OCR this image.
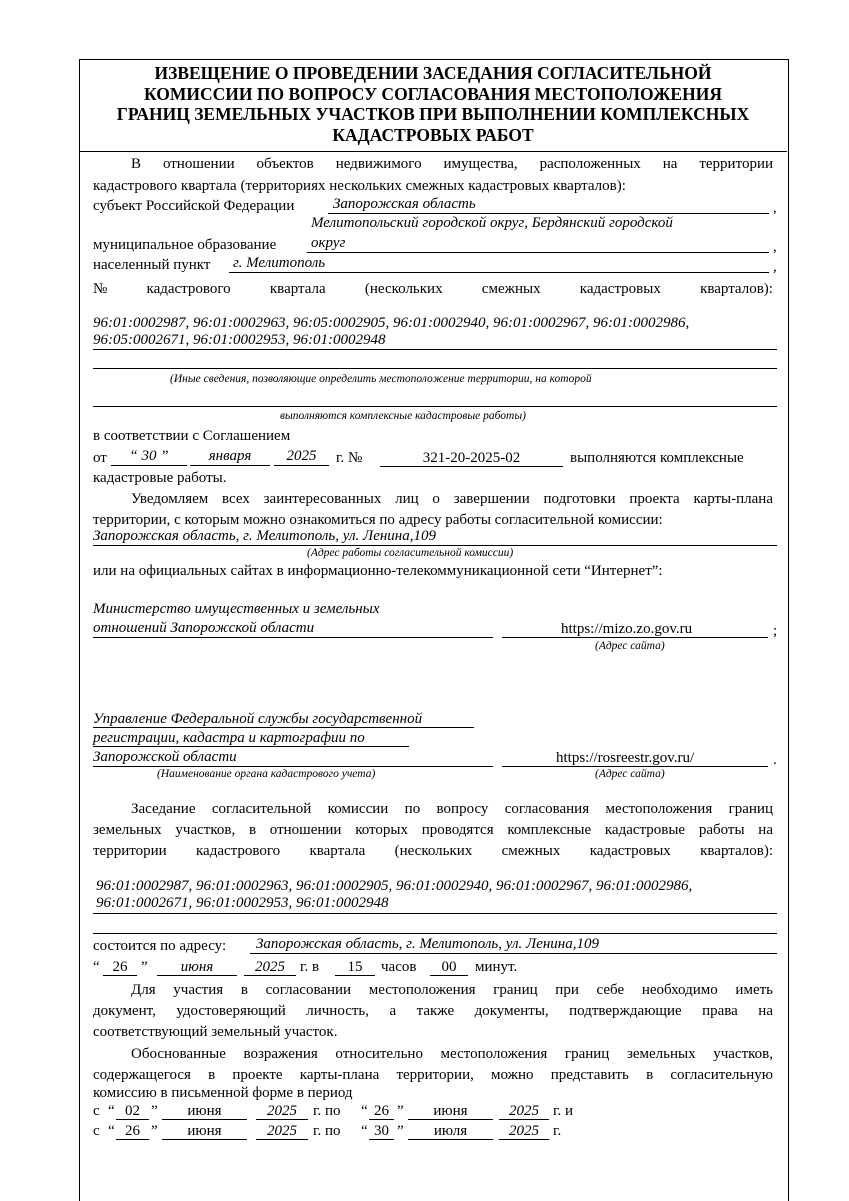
ИЗВЕЩЕНИЕ О ПРОВЕДЕНИИ ЗАСЕДАНИЯ СОГЛАСИТЕЛЬНОЙ
КОМИССИИ ПО ВОПРОСУ СОГЛАСОВАНИЯ МЕСТОПОЛОЖЕНИЯ
ГРАНИЦ ЗЕМЕЛЬНЫХ УЧАСТКОВ ПРИ ВЫПОЛНЕНИИ КОМПЛЕКСНЫХ
КАДАСТРОВЫХ РАБОТ
В отношении объектов недвижимого имущества, расположенных на территории
кадастрового квартала (территориях нескольких смежных кадастровых кварталов):
субъект Российской Федерации	Запорожская область	,
Мелитопольский городской округ, Бердянский городской
муниципальное образование округ	,
населенный пункт г. Мелитополь	,
№	кадастрового	квартала	(нескольких	смежных	кадастровых	кварталов):
96:01:0002987, 96:01:0002963, 96:05:0002905, 96:01:0002940, 96:01:0002967, 96:01:0002986,
96:05:0002671, 96:01:0002953, 96:01:0002948
(Иные сведения, позволяющие определить местоположение территории, на которой
выполняются комплексные кадастровые работы)
в соответствии с Соглашением
от	“ 30 ”	января	2025	г. №	321-20-2025-02	выполняются комплексные
кадастровые работы.
Уведомляем всех заинтересованных лиц о завершении подготовки проекта карты-плана
территории, с которым можно ознакомиться по адресу работы согласительной комиссии:
Запорожская область, г. Мелитополь, ул. Ленина,109
(Адрес работы согласительной комиссии)
или на официальных сайтах в информационно-телекоммуникационной сети “Интернет”:
Министерство имущественных и земельных
отношений Запорожской области	https://mizo.zo.gov.ru	;
(Адрес сайта)
Управление Федеральной службы государственной
регистрации, кадастра и картографии по
Запорожской области	https://rosreestr.gov.ru/	.
(Наименование органа кадастрового учета)	(Адрес сайта)
Заседание согласительной комиссии по вопросу согласования местоположения границ
земельных участков, в отношении которых проводятся комплексные кадастровые работы на
территории кадастрового квартала (нескольких смежных кадастровых кварталов):
96:01:0002987, 96:01:0002963, 96:01:0002905, 96:01:0002940, 96:01:0002967, 96:01:0002986,
96:01:0002671, 96:01:0002953, 96:01:0002948
состоится по адресу: Запорожская область, г. Мелитополь, ул. Ленина,109
“ 26 ”	июня	2025	г. в	15	часов	00	минут.
Для участия в согласовании местоположения границ при себе необходимо иметь
документ, удостоверяющий личность, а также документы, подтверждающие права на
соответствующий земельный участок.
Обоснованные возражения относительно местоположения границ земельных участков,
содержащегося в проекте карты-плана территории, можно представить в согласительную
комиссию в письменной форме в период
с “ 02 ”	июня	2025	г. по “ 26 ”	июня	2025 г. и
с “ 26 ”	июня	2025	г. по “ 30 ”	июля	2025 г.
